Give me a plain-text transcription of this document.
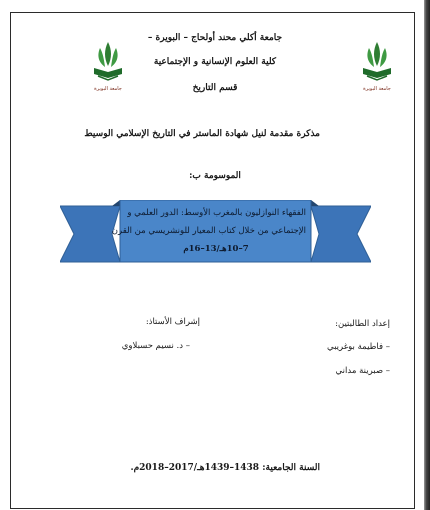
جامعة البويرة	جامعة البويرة
جامعة أكلي محند أولحاج – البويرة –
كلية العلوم الإنسانية و الإجتماعية
قسم التاريخ
مذكرة مقدمة لنيل شهادة الماستر في التاريخ الإسلامي الوسيط
الموسومة ب:
الفقهاء النوازليون بالمغرب الأوسط: الدور العلمي و
الإجتماعي من خلال كتاب المعيار للونشريسي من القرن
7–10هـ/13–16م
إشراف الأستاذ:
– د. نسيم حسبلاوي
إعداد الطالبتين:
– فاطيمة بوغريبي
– صبرينة مداني
السنة الجامعية: 1438–1439هـ/2017–2018م.
